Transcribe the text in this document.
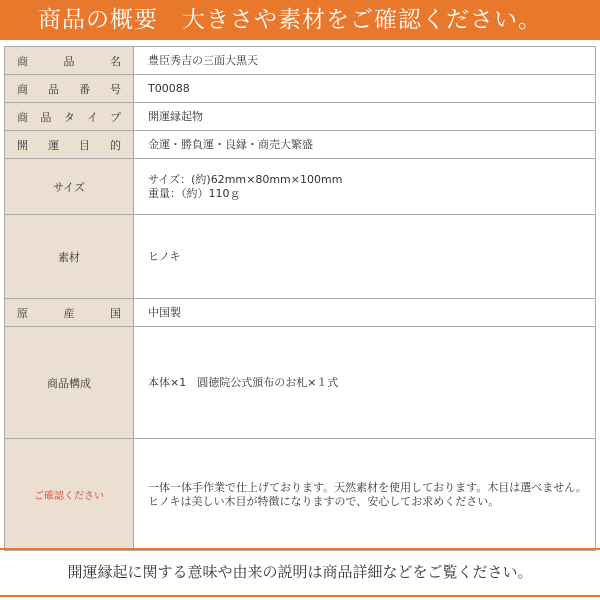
商品の概要　大きさや素材をご確認ください。
商品名	豊臣秀吉の三面大黒天
商品番号	T00088
商品タイプ	開運縁起物
開運目的	金運・勝負運・良縁・商売大繁盛
サイズ	サイズ：(約)62mm×80mm×100mm
重量：（約）110ｇ

素材	ヒノキ
原産国	中国製
商品構成	本体×1　圓徳院公式頒布のお札×１式
ご確認ください	一体一体手作業で仕上げております。天然素材を使用しております。木目は選べません。
ヒノキは美しい木目が特徴になりますので、安心してお求めください。
開運縁起に関する意味や由来の説明は商品詳細などをご覧ください。
